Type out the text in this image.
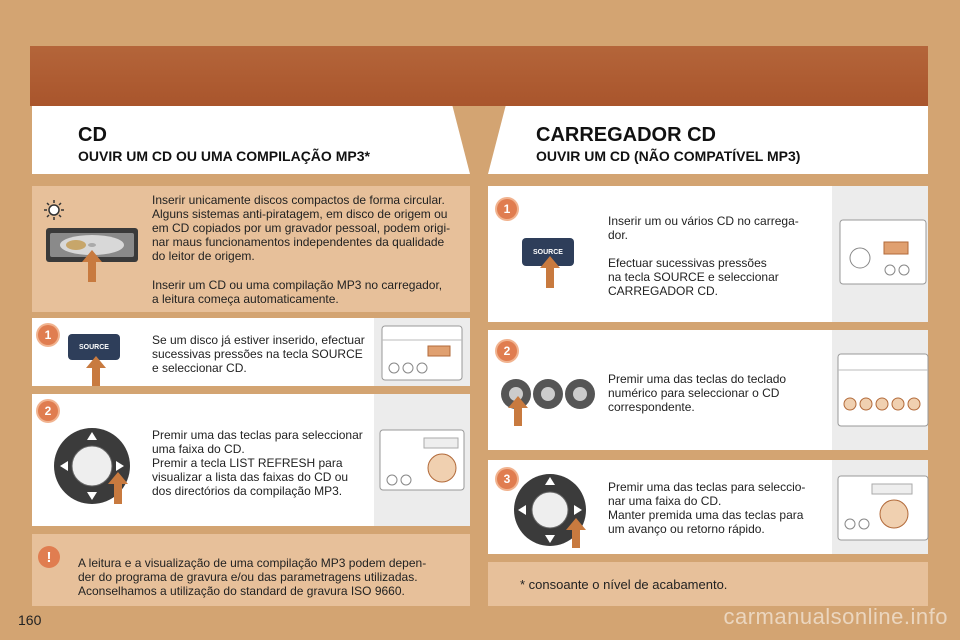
CD
OUVIR UM CD OU UMA COMPILAÇÃO MP3*
CARREGADOR CD
OUVIR UM CD (NÃO COMPATÍVEL MP3)
Inserir unicamente discos compactos de forma circular.
Alguns sistemas anti-piratagem, em disco de origem ou
em CD copiados por um gravador pessoal, podem origi-
nar maus funcionamentos independentes da qualidade
do leitor de origem.
Inserir um CD ou uma compilação MP3 no carregador,
a leitura começa automaticamente.
1
SOURCE	Se um disco já estiver inserido, efectuar
sucessivas pressões na tecla SOURCE
e seleccionar CD.
2
Premir uma das teclas para seleccionar
uma faixa do CD.
Premir a tecla LIST REFRESH para
visualizar a lista das faixas do CD ou
dos directórios da compilação MP3.
!	A leitura e a visualização de uma compilação MP3 podem depen-
der do programa de gravura e/ou das parametragens utilizadas.
Aconselhamos a utilização do standard de gravura ISO 9660.
1
SOURCE
Inserir um ou vários CD no carrega-
dor.
Efectuar sucessivas pressões
na tecla SOURCE e seleccionar
CARREGADOR CD.
2
Premir uma das teclas do teclado
numérico para seleccionar o CD
correspondente.
3
Premir uma das teclas para seleccio-
nar uma faixa do CD.
Manter premida uma das teclas para
um avanço ou retorno rápido.
* consoante o nível de acabamento.
160	carmanualsonline.info
